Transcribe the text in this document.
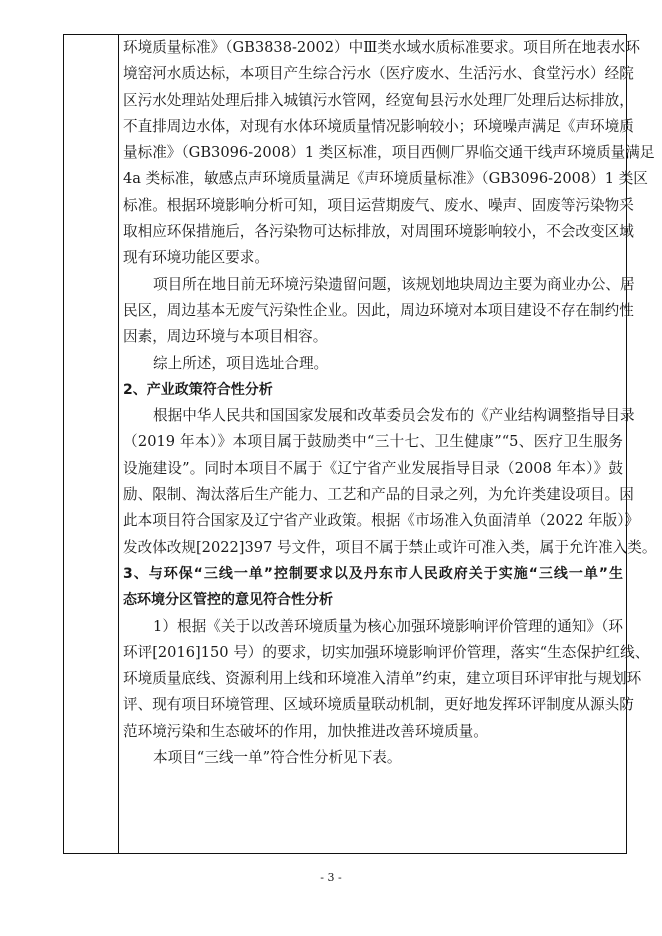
环境质量标准》（GB3838-2002）中Ⅲ类水域水质标准要求。项目所在地表水环
境窑河水质达标，本项目产生综合污水（医疗废水、生活污水、食堂污水）经院
区污水处理站处理后排入城镇污水管网，经宽甸县污水处理厂处理后达标排放，
不直排周边水体，对现有水体环境质量情况影响较小；环境噪声满足《声环境质
量标准》（GB3096-2008）1 类区标准，项目西侧厂界临交通干线声环境质量满足
4a 类标准，敏感点声环境质量满足《声环境质量标准》（GB3096-2008）1 类区
标准。根据环境影响分析可知，项目运营期废气、废水、噪声、固废等污染物采
取相应环保措施后，各污染物可达标排放，对周围环境影响较小，不会改变区域
现有环境功能区要求。
项目所在地目前无环境污染遗留问题，该规划地块周边主要为商业办公、居
民区，周边基本无废气污染性企业。因此，周边环境对本项目建设不存在制约性
因素，周边环境与本项目相容。
综上所述，项目选址合理。
2、产业政策符合性分析
根据中华人民共和国国家发展和改革委员会发布的《产业结构调整指导目录
（2019 年本）》本项目属于鼓励类中“三十七、卫生健康”“5、医疗卫生服务
设施建设”。同时本项目不属于《辽宁省产业发展指导目录（2008 年本）》鼓
励、限制、淘汰落后生产能力、工艺和产品的目录之列，为允许类建设项目。因
此本项目符合国家及辽宁省产业政策。根据《市场准入负面清单（2022 年版）》
发改体改规[2022]397 号文件，项目不属于禁止或许可准入类，属于允许准入类。
3、与环保“三线一单”控制要求以及丹东市人民政府关于实施“三线一单”生
态环境分区管控的意见符合性分析
1）根据《关于以改善环境质量为核心加强环境影响评价管理的通知》（环
环评[2016]150 号）的要求，切实加强环境影响评价管理，落实“生态保护红线、
环境质量底线、资源利用上线和环境准入清单”约束，建立项目环评审批与规划环
评、现有项目环境管理、区域环境质量联动机制，更好地发挥环评制度从源头防
范环境污染和生态破坏的作用，加快推进改善环境质量。
本项目“三线一单”符合性分析见下表。
- 3 -
